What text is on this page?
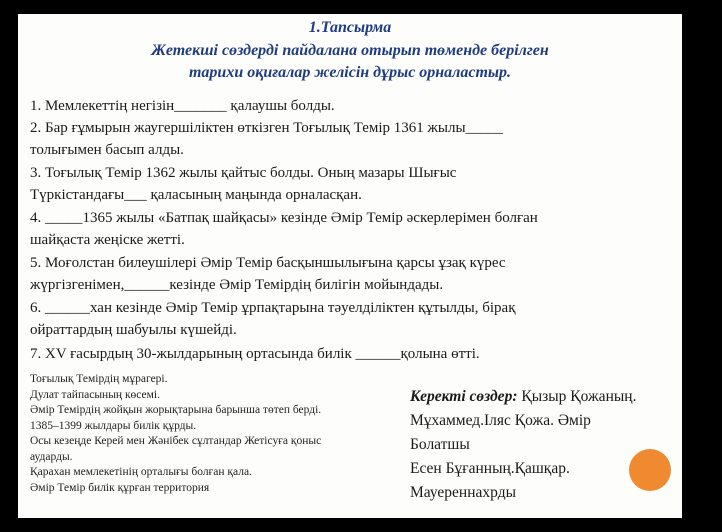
1.Тапсырма
Жетекші сөздерді пайдалана отырып төменде берілген
тарихи оқиғалар желісін дұрыс орналастыр.
1. Мемлекеттің негізін_______ қалаушы болды.
2. Бар ғұмырын жаугершіліктен өткізген Тоғылық Темір 1361 жылы_____
толығымен басып алды.
3. Тоғылық Темір 1362 жылы қайтыс болды. Оның мазары Шығыс
Түркістандағы___ қаласының маңында орналасқан.
4. _____1365 жылы «Батпақ шайқасы» кезінде Әмір Темір әскерлерімен болған
шайқаста жеңіске жетті.
5. Моғолстан билеушілері Әмір Темір басқыншылығына қарсы ұзақ күрес
жүргізгенімен,______кезінде Әмір Темірдің билігін мойындады.
6. ______хан кезінде Әмір Темір ұрпақтарына тәуелділіктен құтылды, бірақ
ойраттардың шабуылы күшейді.
7. XV ғасырдың 30-жылдарының ортасында билік ______қолына өтті.
Тоғылық Темірдің мұрагері.
Дулат тайпасының көсемі.
Әмір Темірдің жойқын жорықтарына барынша төтеп берді.
1385–1399 жылдары билік құрды.
Осы кезеңде Керей мен Жәнібек сұлтандар Жетісуға қоныс
аударды.
Қарахан мемлекетінің орталығы болған қала.
Әмір Темір билік құрған территория
Керекті сөздер: Қызыр Қожаның.
Мұхаммед.Іляс Қожа. Әмір
Болатшы
Есен Бұғанның.Қашқар.
Мауереннахрды
